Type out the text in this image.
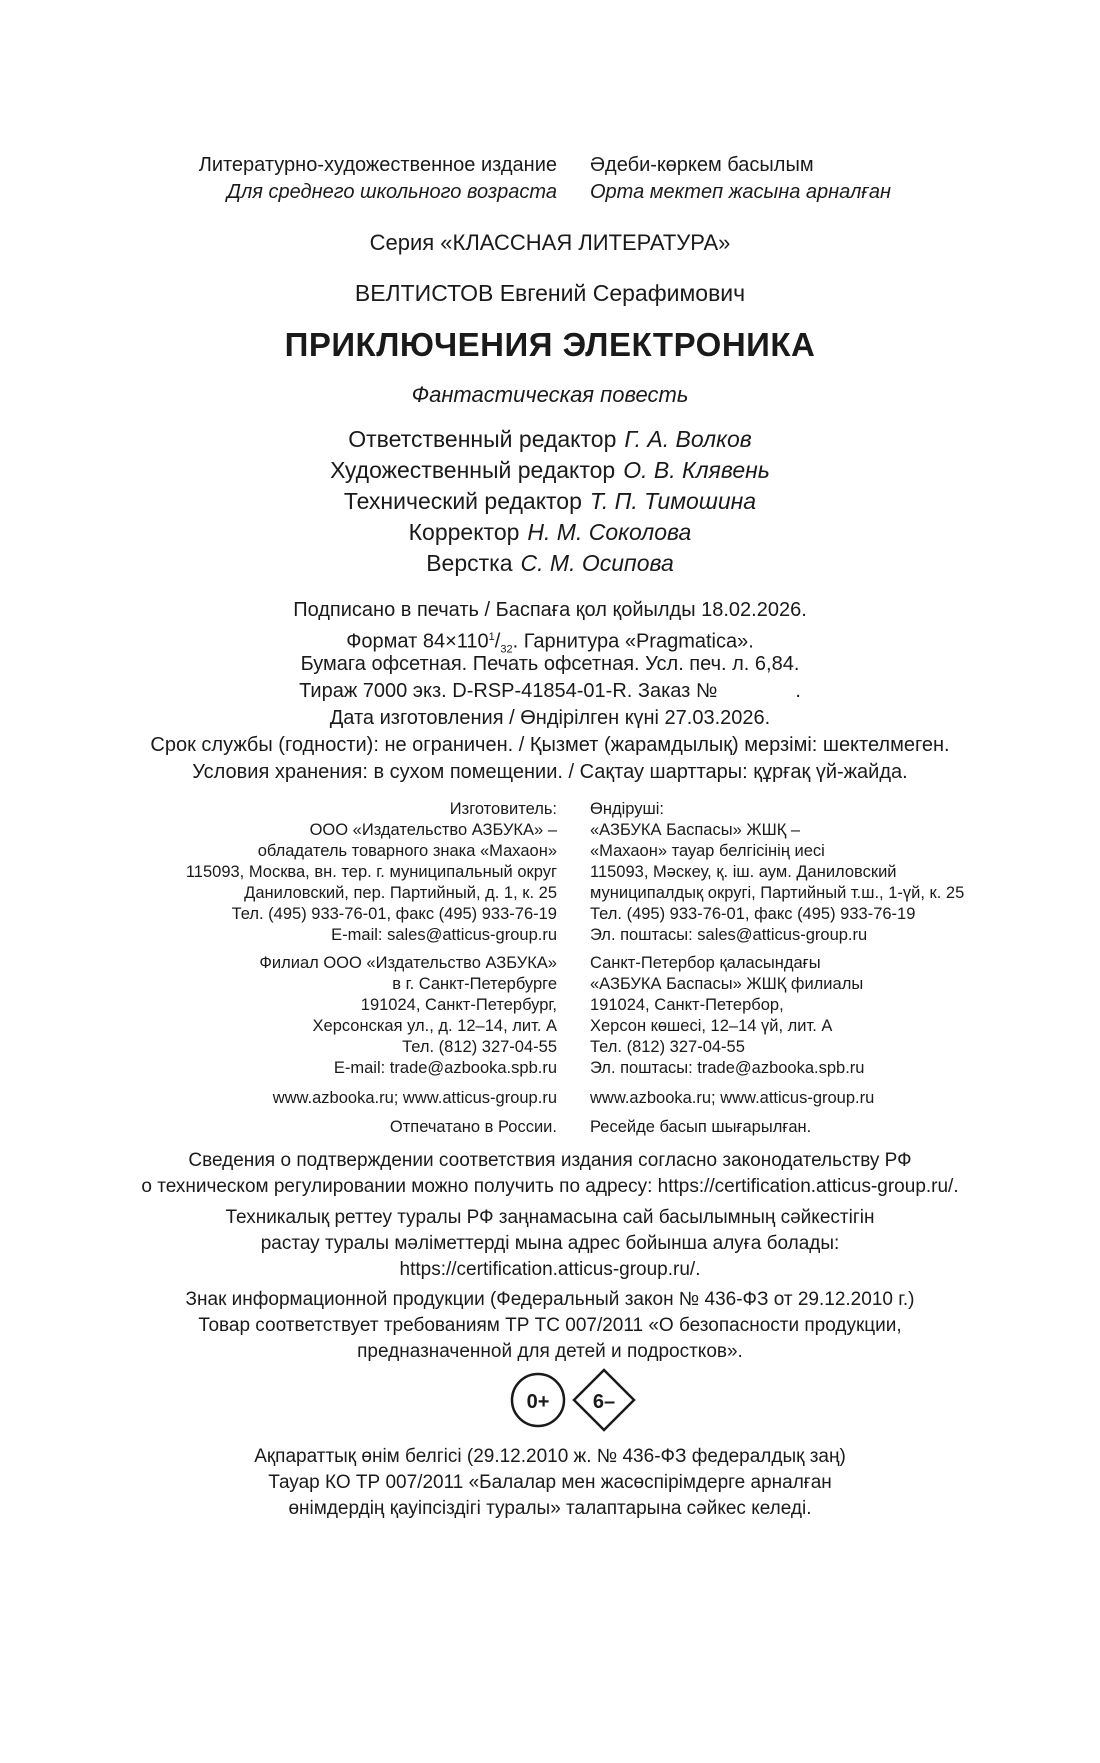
Литературно-художественное издание
Для среднего школьного возраста
Әдеби-көркем басылым
Орта мектеп жасына арналған
Серия «КЛАССНАЯ ЛИТЕРАТУРА»
ВЕЛТИСТОВ Евгений Серафимович
ПРИКЛЮЧЕНИЯ ЭЛЕКТРОНИКА
Фантастическая повесть
Ответственный редактор Г. А. Волков
Художественный редактор О. В. Клявень
Технический редактор Т. П. Тимошина
Корректор Н. М. Соколова
Верстка С. М. Осипова
Подписано в печать / Баспаға қол қойылды 18.02.2026.
Формат $84\times 110^1/_{32}$. Гарнитура «Pragmatica».
Бумага офсетная. Печать офсетная. Усл. печ. л. 6,84.
Тираж 7000 экз. D-RSP-41854-01-R. Заказ №	.
Дата изготовления / Өндірілген күні 27.03.2026.
Срок службы (годности): не ограничен. / Қызмет (жарамдылық) мерзімі: шектелмеген.
Условия хранения: в сухом помещении. / Сақтау шарттары: құрғақ үй-жайда.
Изготовитель:
ООО «Издательство АЗБУКА» –
обладатель товарного знака «Махаон»
115093, Москва, вн. тер. г. муниципальный округ
Даниловский, пер. Партийный, д. 1, к. 25
Тел. (495) 933-76-01, факс (495) 933-76-19
E-mail: sales@atticus-group.ru
Өндіруші:
«АЗБУКА Баспасы» ЖШҚ –
«Махаон» тауар белгісінің иесі
115093, Мәскеу, қ. іш. аум. Даниловский
муниципалдық округі, Партийный т.ш., 1-үй, к. 25
Тел. (495) 933-76-01, факс (495) 933-76-19
Эл. поштасы: sales@atticus-group.ru
Филиал ООО «Издательство АЗБУКА»
в г. Санкт-Петербурге
191024, Санкт-Петербург,
Херсонская ул., д. 12–14, лит. А
Тел. (812) 327-04-55
E-mail: trade@azbooka.spb.ru
Санкт-Петербор қаласындағы
«АЗБУКА Баспасы» ЖШҚ филиалы
191024, Санкт-Петербор,
Херсон көшесі, 12–14 үй, лит. А
Тел. (812) 327-04-55
Эл. поштасы: trade@azbooka.spb.ru
www.azbooka.ru; www.atticus-group.ru www.azbooka.ru; www.atticus-group.ru
Отпечатано в России. Ресейде басып шығарылған.
Сведения о подтверждении соответствия издания согласно законодательству РФ
о техническом регулировании можно получить по адресу: https://certification.atticus-group.ru/.
Техникалық реттеу туралы РФ заңнамасына сай басылымның сәйкестігін
растау туралы мәліметтерді мына адрес бойынша алуға болады:
https://certification.atticus-group.ru/.
Знак информационной продукции (Федеральный закон № 436-ФЗ от 29.12.2010 г.)
Товар соответствует требованиям ТР ТС 007/2011 «О безопасности продукции,
предназначенной для детей и подростков».
0+ 6–
Ақпараттық өнім белгісі (29.12.2010 ж. № 436-ФЗ федералдық заң)
Тауар КО ТР 007/2011 «Балалар мен жасөспірімдерге арналған
өнімдердің қауіпсіздігі туралы» талаптарына сәйкес келеді.
